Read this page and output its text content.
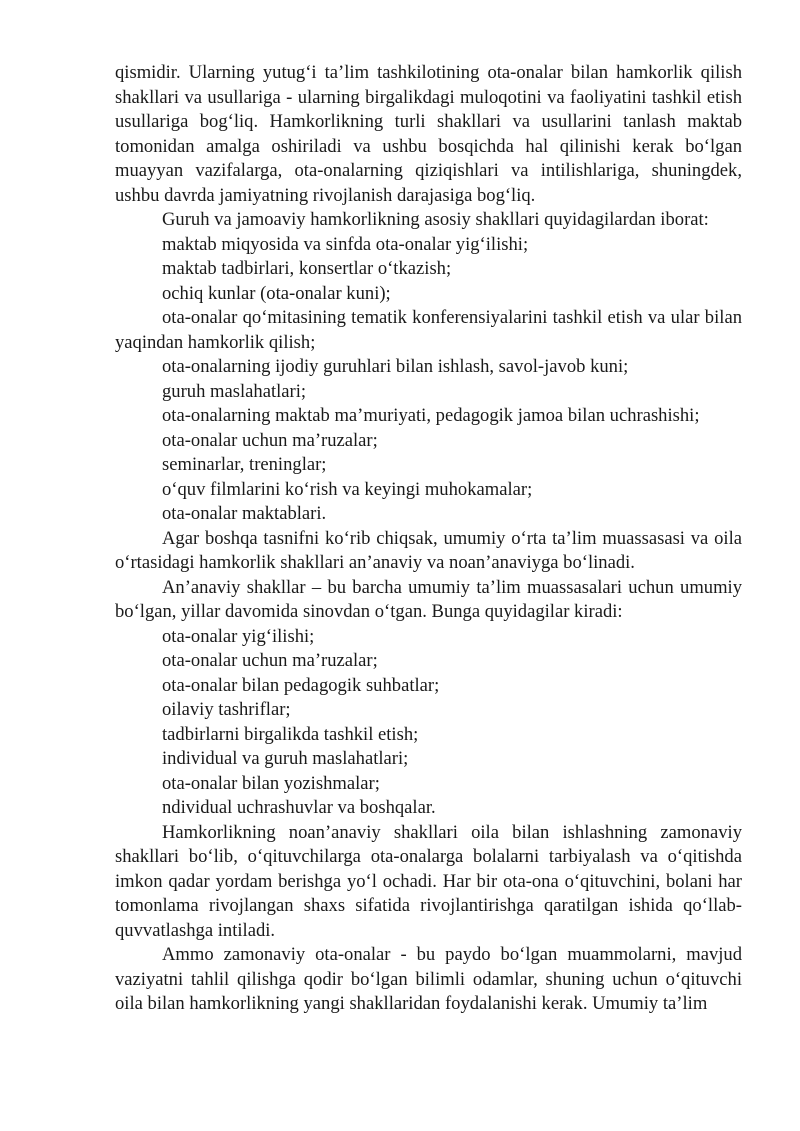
qismidir. Ularning yutug‘i ta’lim tashkilotining ota-onalar bilan hamkorlik qilish shakllari va usullariga - ularning birgalikdagi muloqotini va faoliyatini tashkil etish usullariga bog‘liq. Hamkorlikning turli shakllari va usullarini tanlash maktab tomonidan amalga oshiriladi va ushbu bosqichda hal qilinishi kerak bo‘lgan muayyan vazifalarga, ota-onalarning qiziqishlari va intilishlariga, shuningdek, ushbu davrda jamiyatning rivojlanish darajasiga bog‘liq.

Guruh va jamoaviy hamkorlikning asosiy shakllari quyidagilardan iborat:

maktab miqyosida va sinfda ota-onalar yig‘ilishi;

maktab tadbirlari, konsertlar o‘tkazish;

ochiq kunlar (ota-onalar kuni);

ota-onalar qo‘mitasining tematik konferensiyalarini tashkil etish va ular bilan yaqindan hamkorlik qilish;

ota-onalarning ijodiy guruhlari bilan ishlash, savol-javob kuni;

guruh maslahatlari;

ota-onalarning maktab ma’muriyati, pedagogik jamoa bilan uchrashishi;

ota-onalar uchun ma’ruzalar;

seminarlar, treninglar;

o‘quv filmlarini ko‘rish va keyingi muhokamalar;

ota-onalar maktablari.

Agar boshqa tasnifni ko‘rib chiqsak, umumiy o‘rta ta’lim muassasasi va oila o‘rtasidagi hamkorlik shakllari an’anaviy va noan’anaviyga bo‘linadi.

An’anaviy shakllar – bu barcha umumiy ta’lim muassasalari uchun umumiy bo‘lgan, yillar davomida sinovdan o‘tgan. Bunga quyidagilar kiradi:

ota-onalar yig‘ilishi;

ota-onalar uchun ma’ruzalar;

ota-onalar bilan pedagogik suhbatlar;

oilaviy tashriflar;

tadbirlarni birgalikda tashkil etish;

individual va guruh maslahatlari;

ota-onalar bilan yozishmalar;

ndividual uchrashuvlar va boshqalar.

Hamkorlikning noan’anaviy shakllari oila bilan ishlashning zamonaviy shakllari bo‘lib, o‘qituvchilarga ota-onalarga bolalarni tarbiyalash va o‘qitishda imkon qadar yordam berishga yo‘l ochadi. Har bir ota-ona o‘qituvchini, bolani har tomonlama rivojlangan shaxs sifatida rivojlantirishga qaratilgan ishida qo‘llab-quvvatlashga intiladi.

Ammo zamonaviy ota-onalar - bu paydo bo‘lgan muammolarni, mavjud vaziyatni tahlil qilishga qodir bo‘lgan bilimli odamlar, shuning uchun o‘qituvchi oila bilan hamkorlikning yangi shakllaridan foydalanishi kerak. Umumiy ta’lim
